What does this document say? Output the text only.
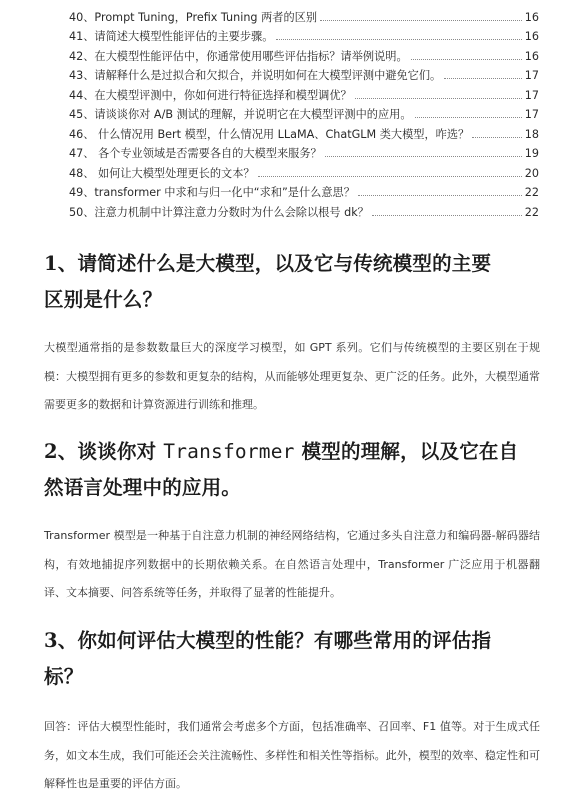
40、Prompt Tuning，Prefix Tuning 两者的区别	16
41、请简述大模型性能评估的主要步骤。	16
42、在大模型性能评估中，你通常使用哪些评估指标？请举例说明。	16
43、请解释什么是过拟合和欠拟合，并说明如何在大模型评测中避免它们。	17
44、在大模型评测中，你如何进行特征选择和模型调优？	17
45、请谈谈你对 A/B 测试的理解，并说明它在大模型评测中的应用。	17
46、 什么情况用 Bert 模型，什么情况用 LLaMA、ChatGLM 类大模型，咋选？	18
47、 各个专业领域是否需要各自的大模型来服务？	19
48、 如何让大模型处理更长的文本？	20
49、transformer 中求和与归一化中“求和”是什么意思？	22
50、注意力机制中计算注意力分数时为什么会除以根号 dk？	22
1、请简述什么是大模型，以及它与传统模型的主要
区别是什么？
大模型通常指的是参数数量巨大的深度学习模型，如 GPT 系列。它们与传统模型的主要区别在于规模：大模型拥有更多的参数和更复杂的结构，从而能够处理更复杂、更广泛的任务。此外，大模型通常需要更多的数据和计算资源进行训练和推理。
2、谈谈你对 Transformer 模型的理解，以及它在自
然语言处理中的应用。
Transformer 模型是一种基于自注意力机制的神经网络结构，它通过多头自注意力和编码器-解码器结构，有效地捕捉序列数据中的长期依赖关系。在自然语言处理中，Transformer 广泛应用于机器翻译、文本摘要、问答系统等任务，并取得了显著的性能提升。
3、你如何评估大模型的性能？有哪些常用的评估指
标？
回答：评估大模型性能时，我们通常会考虑多个方面，包括准确率、召回率、F1 值等。对于生成式任务，如文本生成，我们可能还会关注流畅性、多样性和相关性等指标。此外，模型的效率、稳定性和可解释性也是重要的评估方面。
